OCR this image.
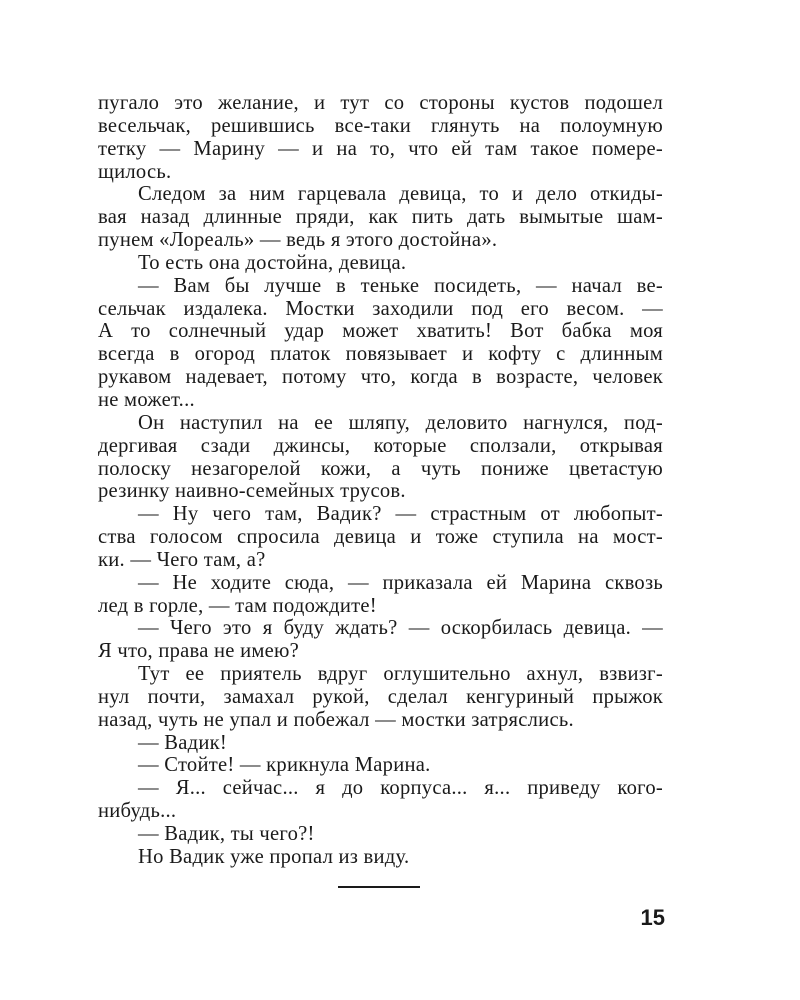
пугало это желание, и тут со стороны кустов подошел
весельчак, решившись все-таки глянуть на полоумную
тетку — Марину — и на то, что ей там такое померe-
щилось.
Следом за ним гарцевала девица, то и дело откиды-
вая назад длинные пряди, как пить дать вымытые шам-
пунем «Лореаль» — ведь я этого достойна».
То есть она достойна, девица.
— Вам бы лучше в теньке посидеть, — начал ве-
сельчак издалека. Мостки заходили под его весом. —
А то солнечный удар может хватить! Вот бабка моя
всегда в огород платок повязывает и кофту с длинным
рукавом надевает, потому что, когда в возрасте, человек
не может...
Он наступил на ее шляпу, деловито нагнулся, под-
дергивая сзади джинсы, которые сползали, открывая
полоску незагорелой кожи, а чуть пониже цветастую
резинку наивно-семейных трусов.
— Ну чего там, Вадик? — страстным от любопыт-
ства голосом спросила девица и тоже ступила на мост-
ки. — Чего там, а?
— Не ходите сюда, — приказала ей Марина сквозь
лед в горле, — там подождите!
— Чего это я буду ждать? — оскорбилась девица. —
Я что, права не имею?
Тут ее приятель вдруг оглушительно ахнул, взвизг-
нул почти, замахал рукой, сделал кенгуриный прыжок
назад, чуть не упал и побежал — мостки затряслись.
— Вадик!
— Стойте! — крикнула Марина.
— Я... сейчас... я до корпуса... я... приведу кого-
нибудь...
— Вадик, ты чего?!
Но Вадик уже пропал из виду.
15
